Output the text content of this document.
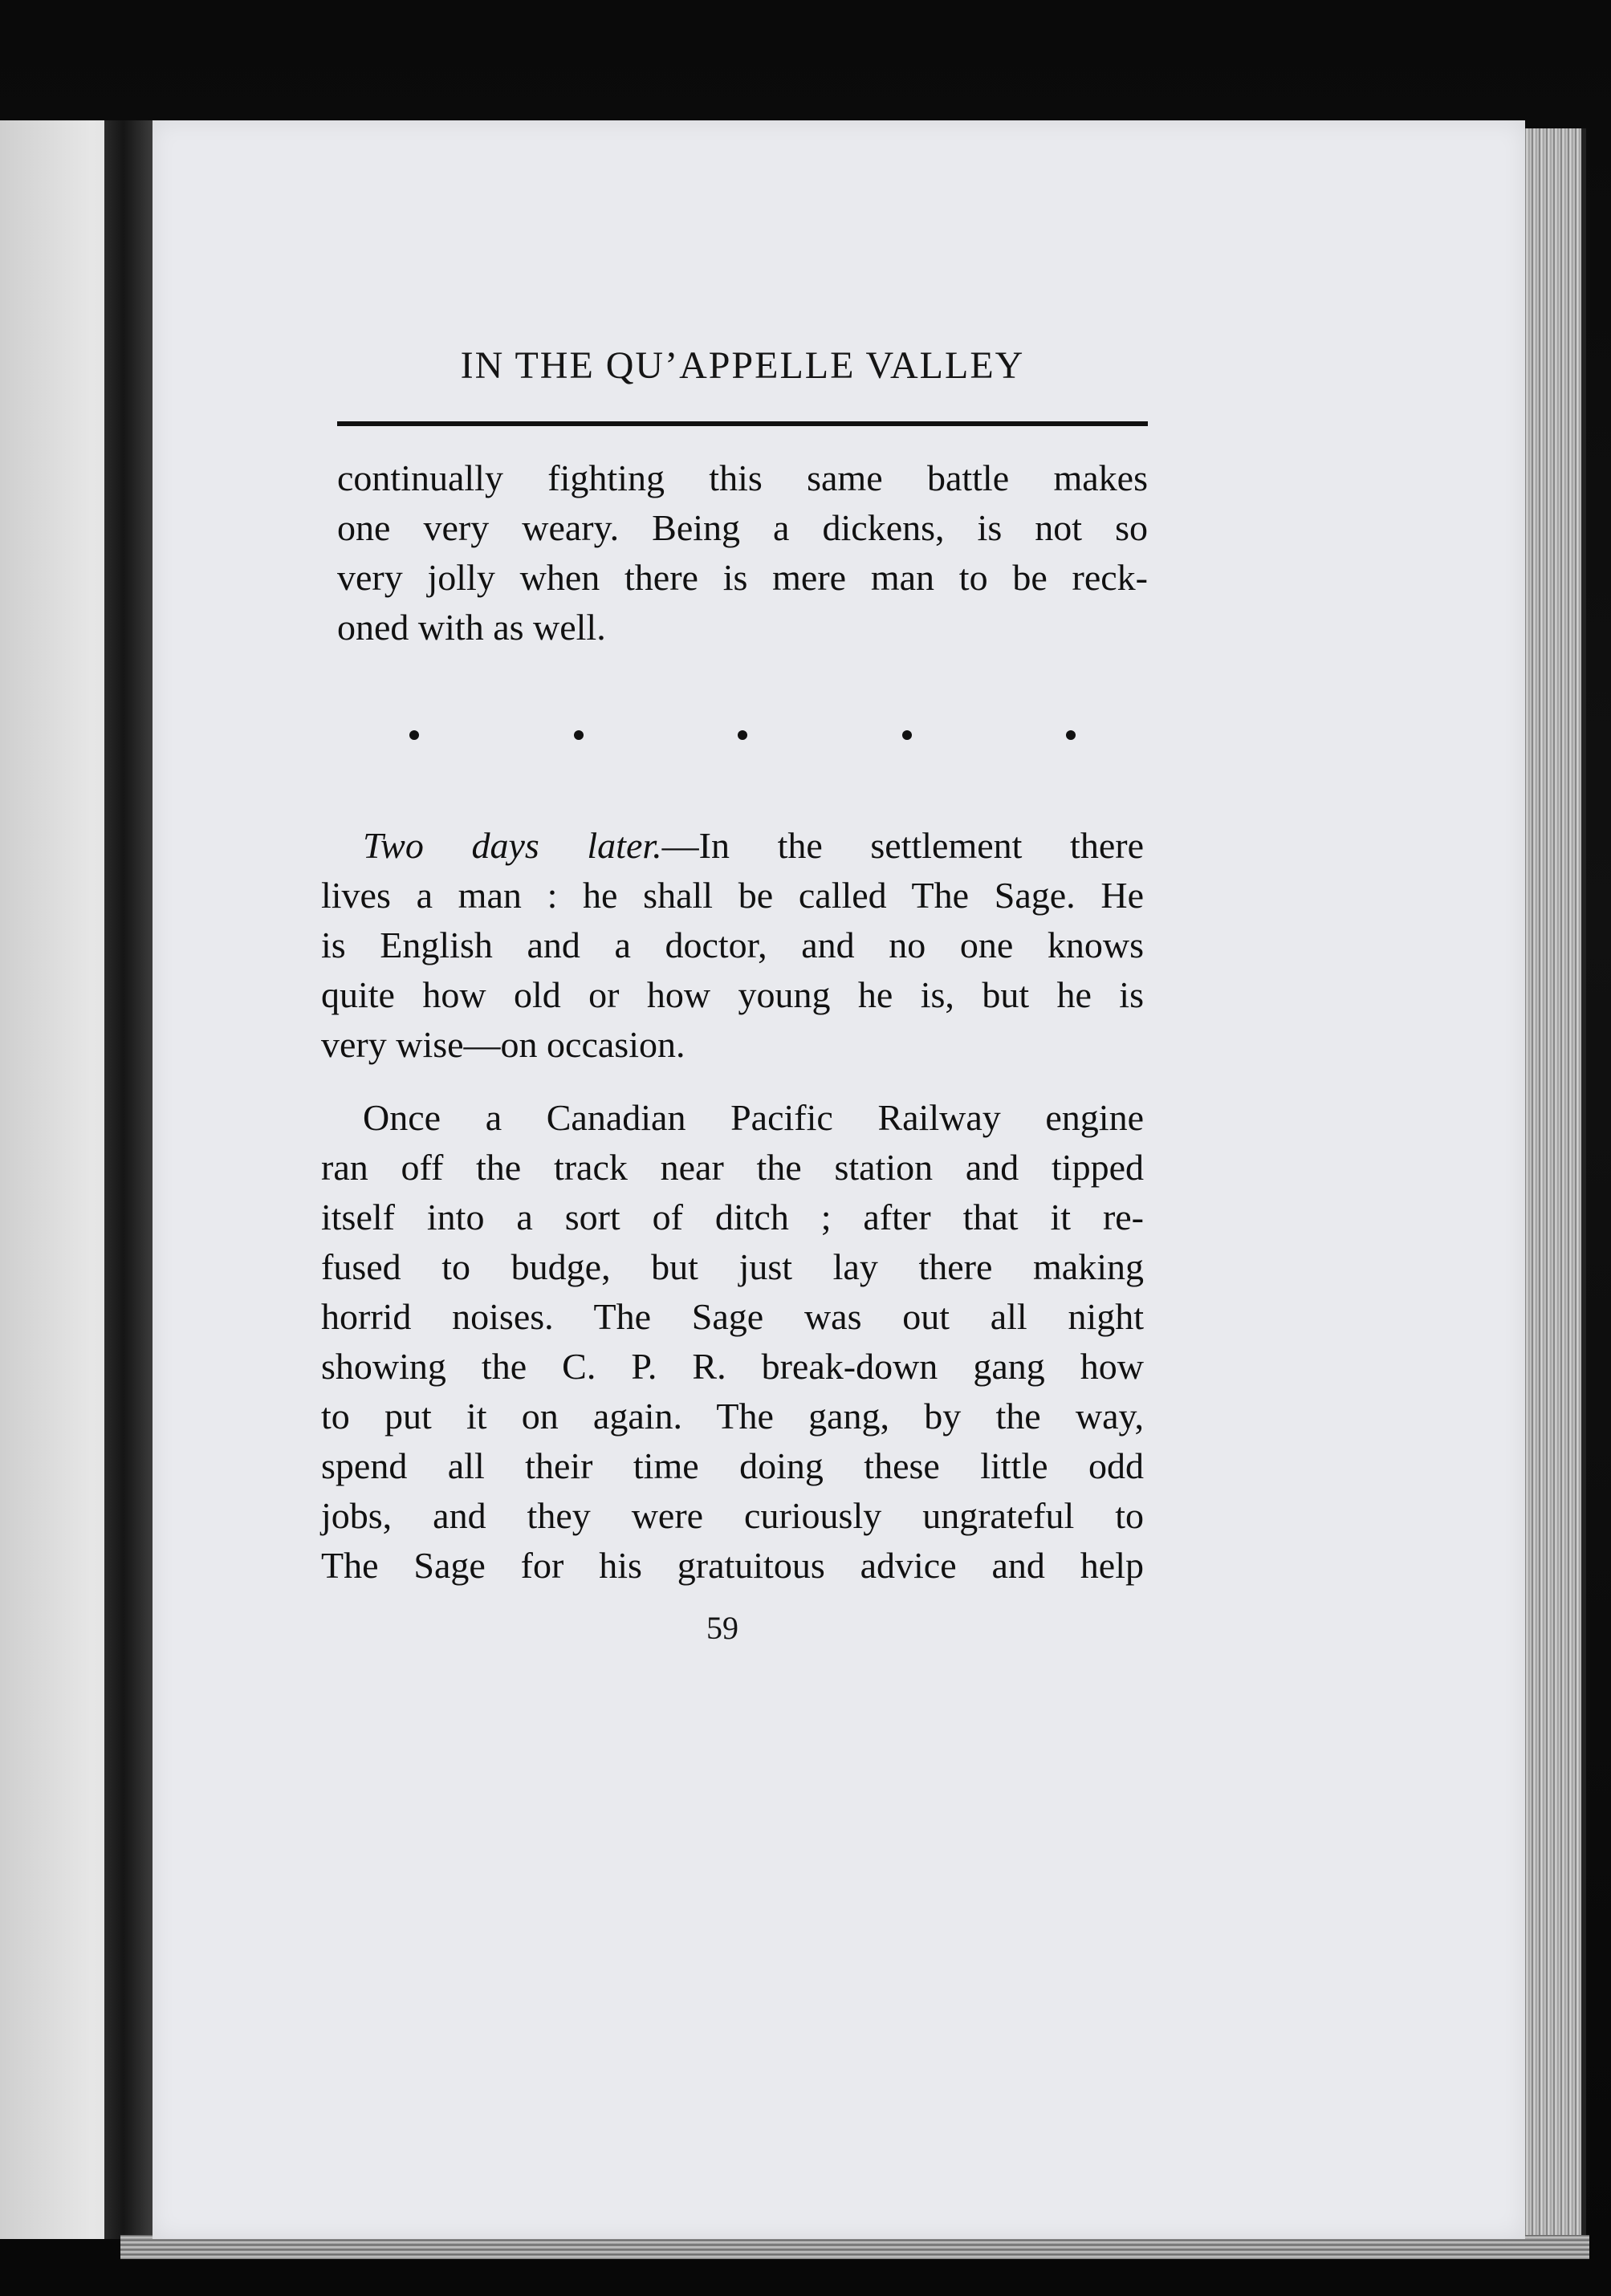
IN THE QU’APPELLE VALLEY
continually fighting this same battle makes
one very weary. Being a dickens, is not so
very jolly when there is mere man to be reck-
oned with as well.
Two days later.—In the settlement there
lives a man : he shall be called The Sage. He
is English and a doctor, and no one knows
quite how old or how young he is, but he is
very wise—on occasion.
Once a Canadian Pacific Railway engine
ran off the track near the station and tipped
itself into a sort of ditch ; after that it re-
fused to budge, but just lay there making
horrid noises. The Sage was out all night
showing the C. P. R. break-down gang how
to put it on again. The gang, by the way,
spend all their time doing these little odd
jobs, and they were curiously ungrateful to
The Sage for his gratuitous advice and help
59
